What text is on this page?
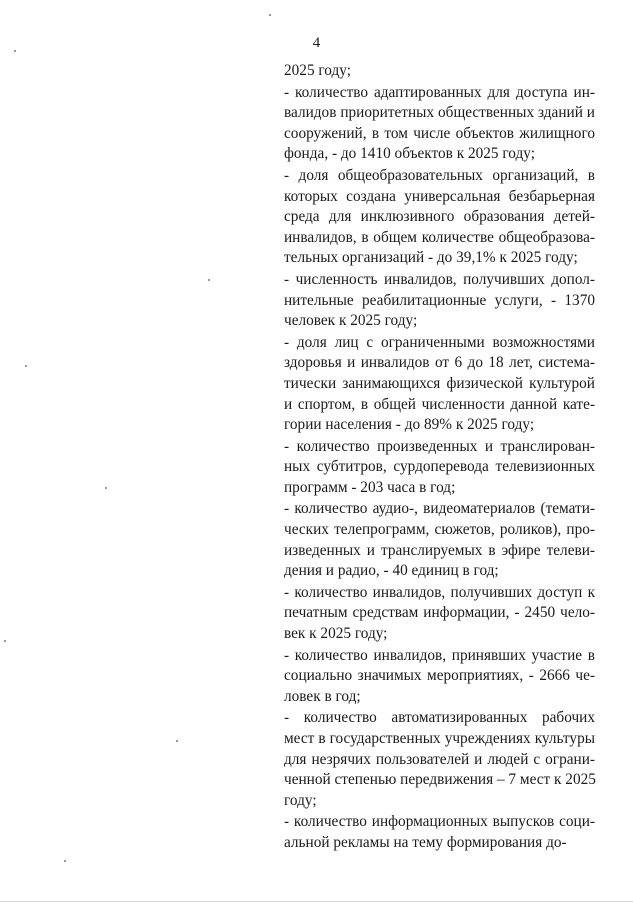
4
2025 году;
- количество адаптированных для доступа ин-
валидов приоритетных общественных зданий и
сооружений, в том числе объектов жилищного
фонда, - до 1410 объектов к 2025 году;
- доля общеобразовательных организаций, в
которых создана универсальная безбарьерная
среда для инклюзивного образования детей-
инвалидов, в общем количестве общеобразова-
тельных организаций - до 39,1% к 2025 году;
- численность инвалидов, получивших допол-
нительные реабилитационные услуги, - 1370
человек к 2025 году;
- доля лиц с ограниченными возможностями
здоровья и инвалидов от 6 до 18 лет, система-
тически занимающихся физической культурой
и спортом, в общей численности данной кате-
гории населения - до 89% к 2025 году;
- количество произведенных и транслирован-
ных субтитров, сурдоперевода телевизионных
программ - 203 часа в год;
- количество аудио-, видеоматериалов (темати-
ческих телепрограмм, сюжетов, роликов), про-
изведенных и транслируемых в эфире телеви-
дения и радио, - 40 единиц в год;
- количество инвалидов, получивших доступ к
печатным средствам информации, - 2450 чело-
век к 2025 году;
- количество инвалидов, принявших участие в
социально значимых мероприятиях, - 2666 че-
ловек в год;
- количество автоматизированных рабочих
мест в государственных учреждениях культуры
для незрячих пользователей и людей с ограни-
ченной степенью передвижения – 7 мест к 2025
году;
- количество информационных выпусков соци-
альной рекламы на тему формирования до-
